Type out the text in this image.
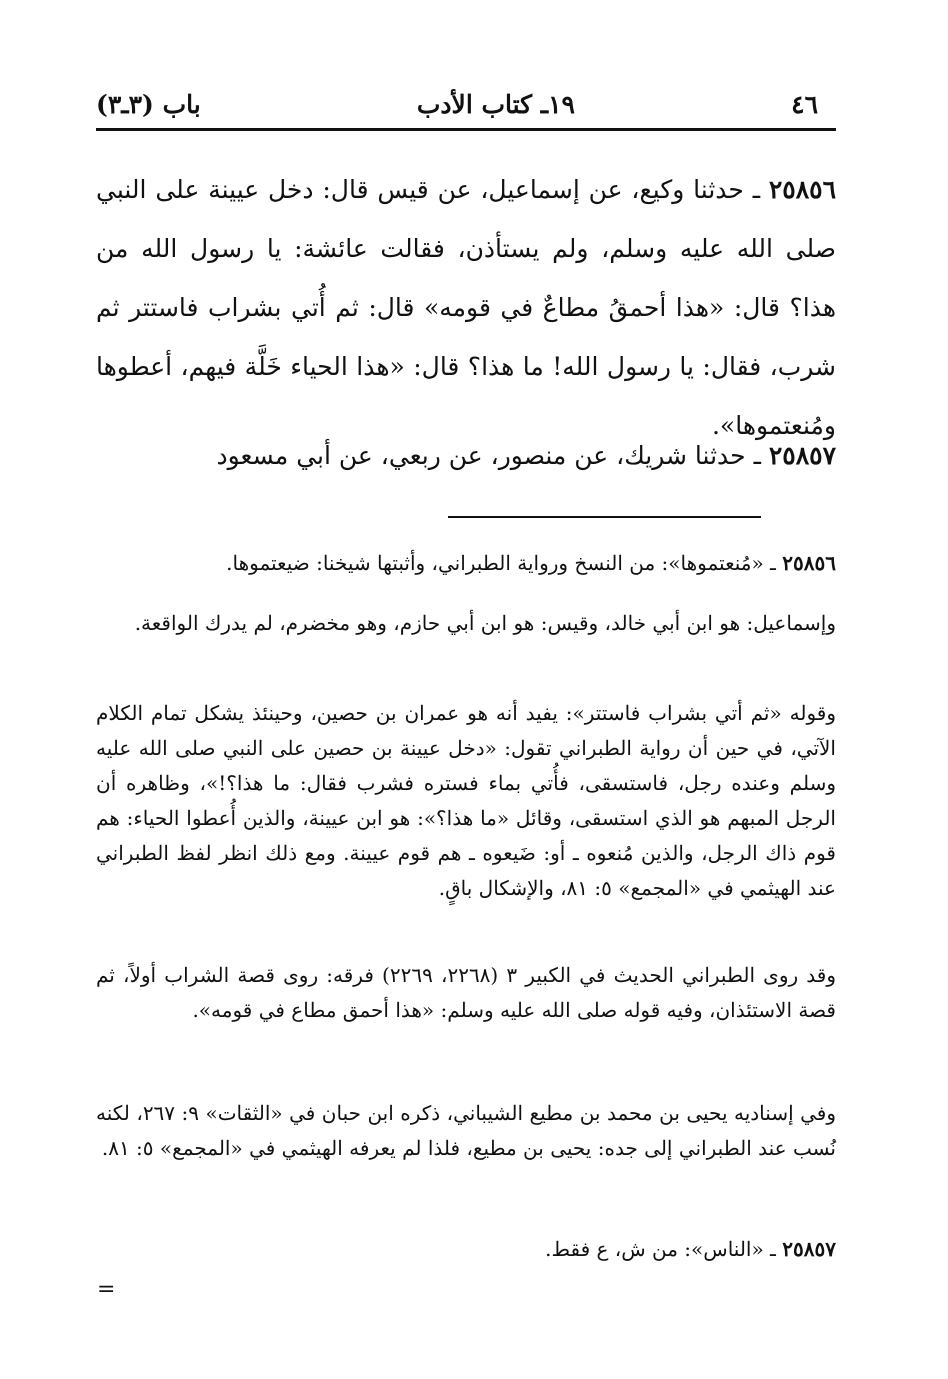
٤٦
١٩ـ كتاب الأدب
باب (٣ـ٣)

٢٥٨٥٦ ـ حدثنا وكيع، عن إسماعيل، عن قيس قال: دخل عيينة على النبي صلى الله عليه وسلم، ولم يستأذن، فقالت عائشة: يا رسول الله من هذا؟ قال: «هذا أحمقُ مطاعٌ في قومه» قال: ثم أُتي بشراب فاستتر ثم شرب، فقال: يا رسول الله! ما هذا؟ قال: «هذا الحياء خَلَّة فيهم، أعطوها ومُنعتموها».

٢٥٨٥٧ ـ حدثنا شريك، عن منصور، عن ربعي، عن أبي مسعود

٢٥٨٥٦ ـ «مُنعتموها»: من النسخ ورواية الطبراني، وأثبتها شيخنا: ضيعتموها.

وإسماعيل: هو ابن أبي خالد، وقيس: هو ابن أبي حازم، وهو مخضرم، لم يدرك الواقعة.

وقوله «ثم أتي بشراب فاستتر»: يفيد أنه هو عمران بن حصين، وحينئذ يشكل تمام الكلام الآتي، في حين أن رواية الطبراني تقول: «دخل عيينة بن حصين على النبي صلى الله عليه وسلم وعنده رجل، فاستسقى، فأُتي بماء فستره فشرب فقال: ما هذا؟!»، وظاهره أن الرجل المبهم هو الذي استسقى، وقائل «ما هذا؟»: هو ابن عيينة، والذين أُعطوا الحياء: هم قوم ذاك الرجل، والذين مُنعوه ـ أو: ضَيعوه ـ هم قوم عيينة. ومع ذلك انظر لفظ الطبراني عند الهيثمي في «المجمع» ٥: ٨١، والإشكال باقٍ.

وقد روى الطبراني الحديث في الكبير ٣ (٢٢٦٨، ٢٢٦٩) فرقه: روى قصة الشراب أولاً، ثم قصة الاستئذان، وفيه قوله صلى الله عليه وسلم: «هذا أحمق مطاع في قومه».

وفي إسناديه يحيى بن محمد بن مطيع الشيباني، ذكره ابن حبان في «الثقات» ٩: ٢٦٧، لكنه نُسب عند الطبراني إلى جده: يحيى بن مطيع، فلذا لم يعرفه الهيثمي في «المجمع» ٥: ٨١.

٢٥٨٥٧ ـ «الناس»: من ش، ع فقط.

=
